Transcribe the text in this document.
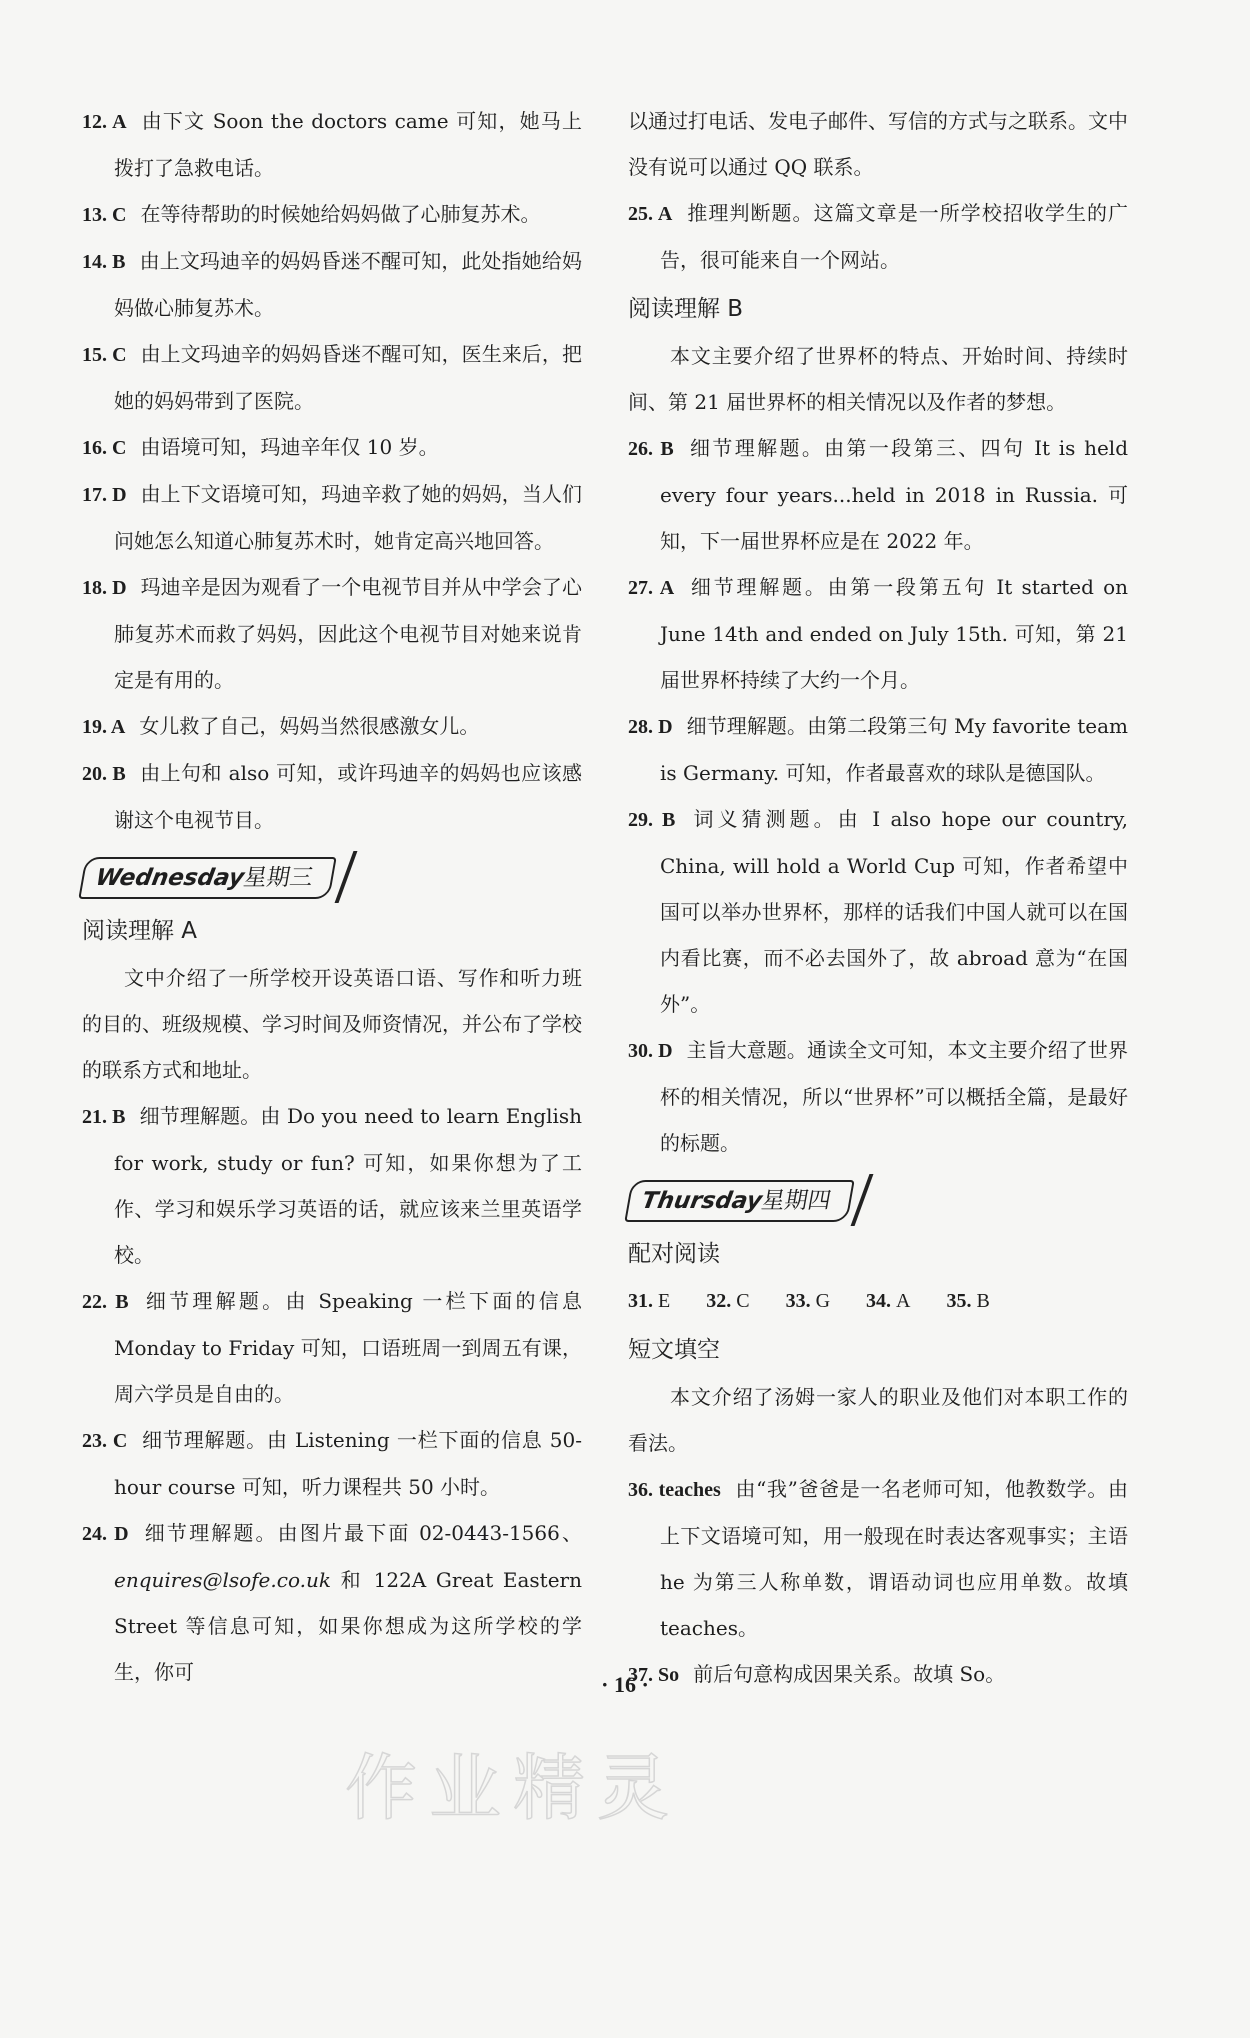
12. A 由下文 Soon the doctors came 可知，她马上拨打了急救电话。
13. C 在等待帮助的时候她给妈妈做了心肺复苏术。
14. B 由上文玛迪辛的妈妈昏迷不醒可知，此处指她给妈妈做心肺复苏术。
15. C 由上文玛迪辛的妈妈昏迷不醒可知，医生来后，把她的妈妈带到了医院。
16. C 由语境可知，玛迪辛年仅 10 岁。
17. D 由上下文语境可知，玛迪辛救了她的妈妈，当人们问她怎么知道心肺复苏术时，她肯定高兴地回答。
18. D 玛迪辛是因为观看了一个电视节目并从中学会了心肺复苏术而救了妈妈，因此这个电视节目对她来说肯定是有用的。
19. A 女儿救了自己，妈妈当然很感激女儿。
20. B 由上句和 also 可知，或许玛迪辛的妈妈也应该感谢这个电视节目。
Wednesday星期三
阅读理解 A
文中介绍了一所学校开设英语口语、写作和听力班的目的、班级规模、学习时间及师资情况，并公布了学校的联系方式和地址。
21. B 细节理解题。由 Do you need to learn English for work, study or fun? 可知，如果你想为了工作、学习和娱乐学习英语的话，就应该来兰里英语学校。
22. B 细节理解题。由 Speaking 一栏下面的信息 Monday to Friday 可知，口语班周一到周五有课，周六学员是自由的。
23. C 细节理解题。由 Listening 一栏下面的信息 50-hour course 可知，听力课程共 50 小时。
24. D 细节理解题。由图片最下面 02-0443-1566、enquires@lsofe.co.uk 和 122A Great Eastern Street 等信息可知，如果你想成为这所学校的学生，你可
以通过打电话、发电子邮件、写信的方式与之联系。文中没有说可以通过 QQ 联系。
25. A 推理判断题。这篇文章是一所学校招收学生的广告，很可能来自一个网站。
阅读理解 B
本文主要介绍了世界杯的特点、开始时间、持续时间、第 21 届世界杯的相关情况以及作者的梦想。
26. B 细节理解题。由第一段第三、四句 It is held every four years...held in 2018 in Russia. 可知，下一届世界杯应是在 2022 年。
27. A 细节理解题。由第一段第五句 It started on June 14th and ended on July 15th. 可知，第 21 届世界杯持续了大约一个月。
28. D 细节理解题。由第二段第三句 My favorite team is Germany. 可知，作者最喜欢的球队是德国队。
29. B 词义猜测题。由 I also hope our country, China, will hold a World Cup 可知，作者希望中国可以举办世界杯，那样的话我们中国人就可以在国内看比赛，而不必去国外了，故 abroad 意为“在国外”。
30. D 主旨大意题。通读全文可知，本文主要介绍了世界杯的相关情况，所以“世界杯”可以概括全篇，是最好的标题。
Thursday星期四
配对阅读
31. E 32. C 33. G 34. A 35. B
短文填空
本文介绍了汤姆一家人的职业及他们对本职工作的看法。
36. teaches 由“我”爸爸是一名老师可知，他教数学。由上下文语境可知，用一般现在时表达客观事实；主语 he 为第三人称单数，谓语动词也应用单数。故填 teaches。
37. So 前后句意构成因果关系。故填 So。
· 16 ·
作业精灵
